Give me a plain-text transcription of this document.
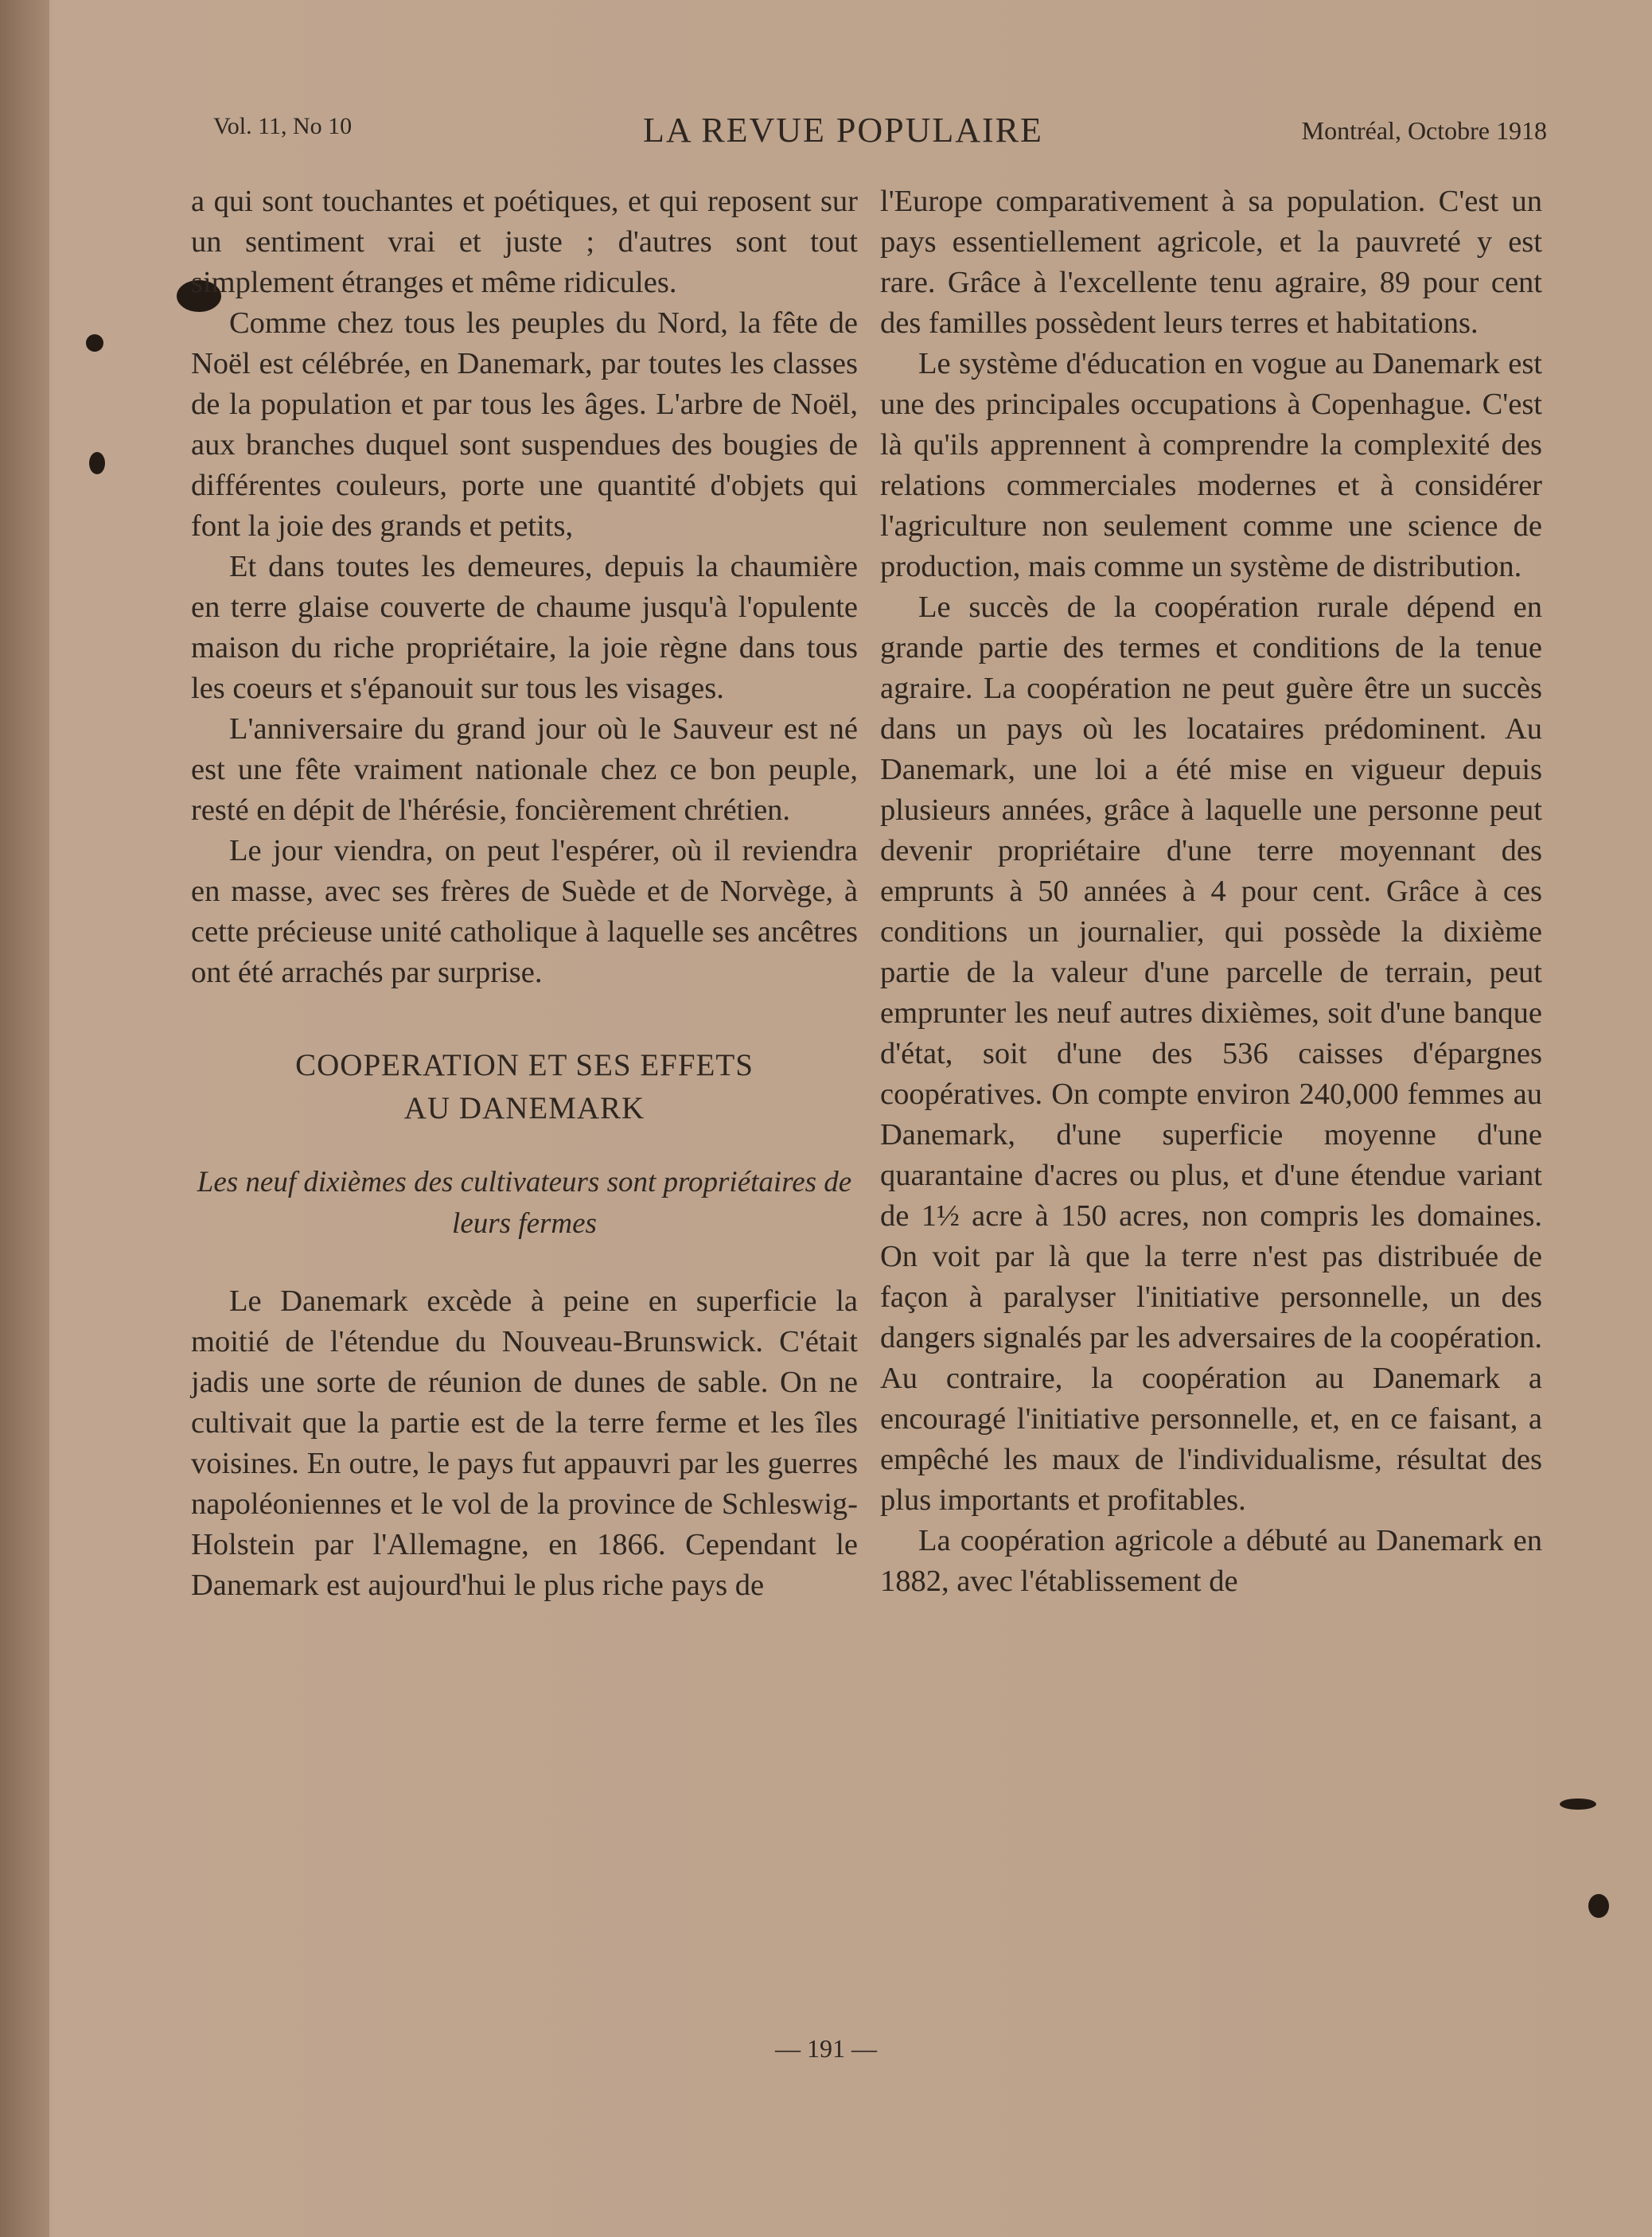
Vol. 11, No 10	LA REVUE POPULAIRE	Montréal, Octobre 1918

a qui sont touchantes et poétiques, et qui reposent sur un sentiment vrai et juste ; d'autres sont tout simplement étranges et même ridicules.

Comme chez tous les peuples du Nord, la fête de Noël est célébrée, en Danemark, par toutes les classes de la population et par tous les âges. L'arbre de Noël, aux branches duquel sont suspendues des bougies de différentes couleurs, porte une quantité d'objets qui font la joie des grands et petits,

Et dans toutes les demeures, depuis la chaumière en terre glaise couverte de chaume jusqu'à l'opulente maison du riche propriétaire, la joie règne dans tous les coeurs et s'épanouit sur tous les visages.

L'anniversaire du grand jour où le Sauveur est né est une fête vraiment nationale chez ce bon peuple, resté en dépit de l'hérésie, foncièrement chrétien.

Le jour viendra, on peut l'espérer, où il reviendra en masse, avec ses frères de Suède et de Norvège, à cette précieuse unité catholique à laquelle ses ancêtres ont été arrachés par surprise.

COOPERATION ET SES EFFETS
AU DANEMARK
Les neuf dixièmes des cultivateurs sont propriétaires de leurs fermes

Le Danemark excède à peine en superficie la moitié de l'étendue du Nouveau-Brunswick. C'était jadis une sorte de réunion de dunes de sable. On ne cultivait que la partie est de la terre ferme et les îles voisines. En outre, le pays fut appauvri par les guerres napoléoniennes et le vol de la province de Schleswig-Holstein par l'Allemagne, en 1866. Cependant le Danemark est aujourd'hui le plus riche pays de

l'Europe comparativement à sa population. C'est un pays essentiellement agricole, et la pauvreté y est rare. Grâce à l'excellente tenu agraire, 89 pour cent des familles possèdent leurs terres et habitations.

Le système d'éducation en vogue au Danemark est une des principales occupations à Copenhague. C'est là qu'ils apprennent à comprendre la complexité des relations commerciales modernes et à considérer l'agriculture non seulement comme une science de production, mais comme un système de distribution.

Le succès de la coopération rurale dépend en grande partie des termes et conditions de la tenue agraire. La coopération ne peut guère être un succès dans un pays où les locataires prédominent. Au Danemark, une loi a été mise en vigueur depuis plusieurs années, grâce à laquelle une personne peut devenir propriétaire d'une terre moyennant des emprunts à 50 années à 4 pour cent. Grâce à ces conditions un journalier, qui possède la dixième partie de la valeur d'une parcelle de terrain, peut emprunter les neuf autres dixièmes, soit d'une banque d'état, soit d'une des 536 caisses d'épargnes coopératives. On compte environ 240,000 femmes au Danemark, d'une superficie moyenne d'une quarantaine d'acres ou plus, et d'une étendue variant de 1½ acre à 150 acres, non compris les domaines. On voit par là que la terre n'est pas distribuée de façon à paralyser l'initiative personnelle, un des dangers signalés par les adversaires de la coopération. Au contraire, la coopération au Danemark a encouragé l'initiative personnelle, et, en ce faisant, a empêché les maux de l'individualisme, résultat des plus importants et profitables.

La coopération agricole a débuté au Danemark en 1882, avec l'établissement de

— 191 —
